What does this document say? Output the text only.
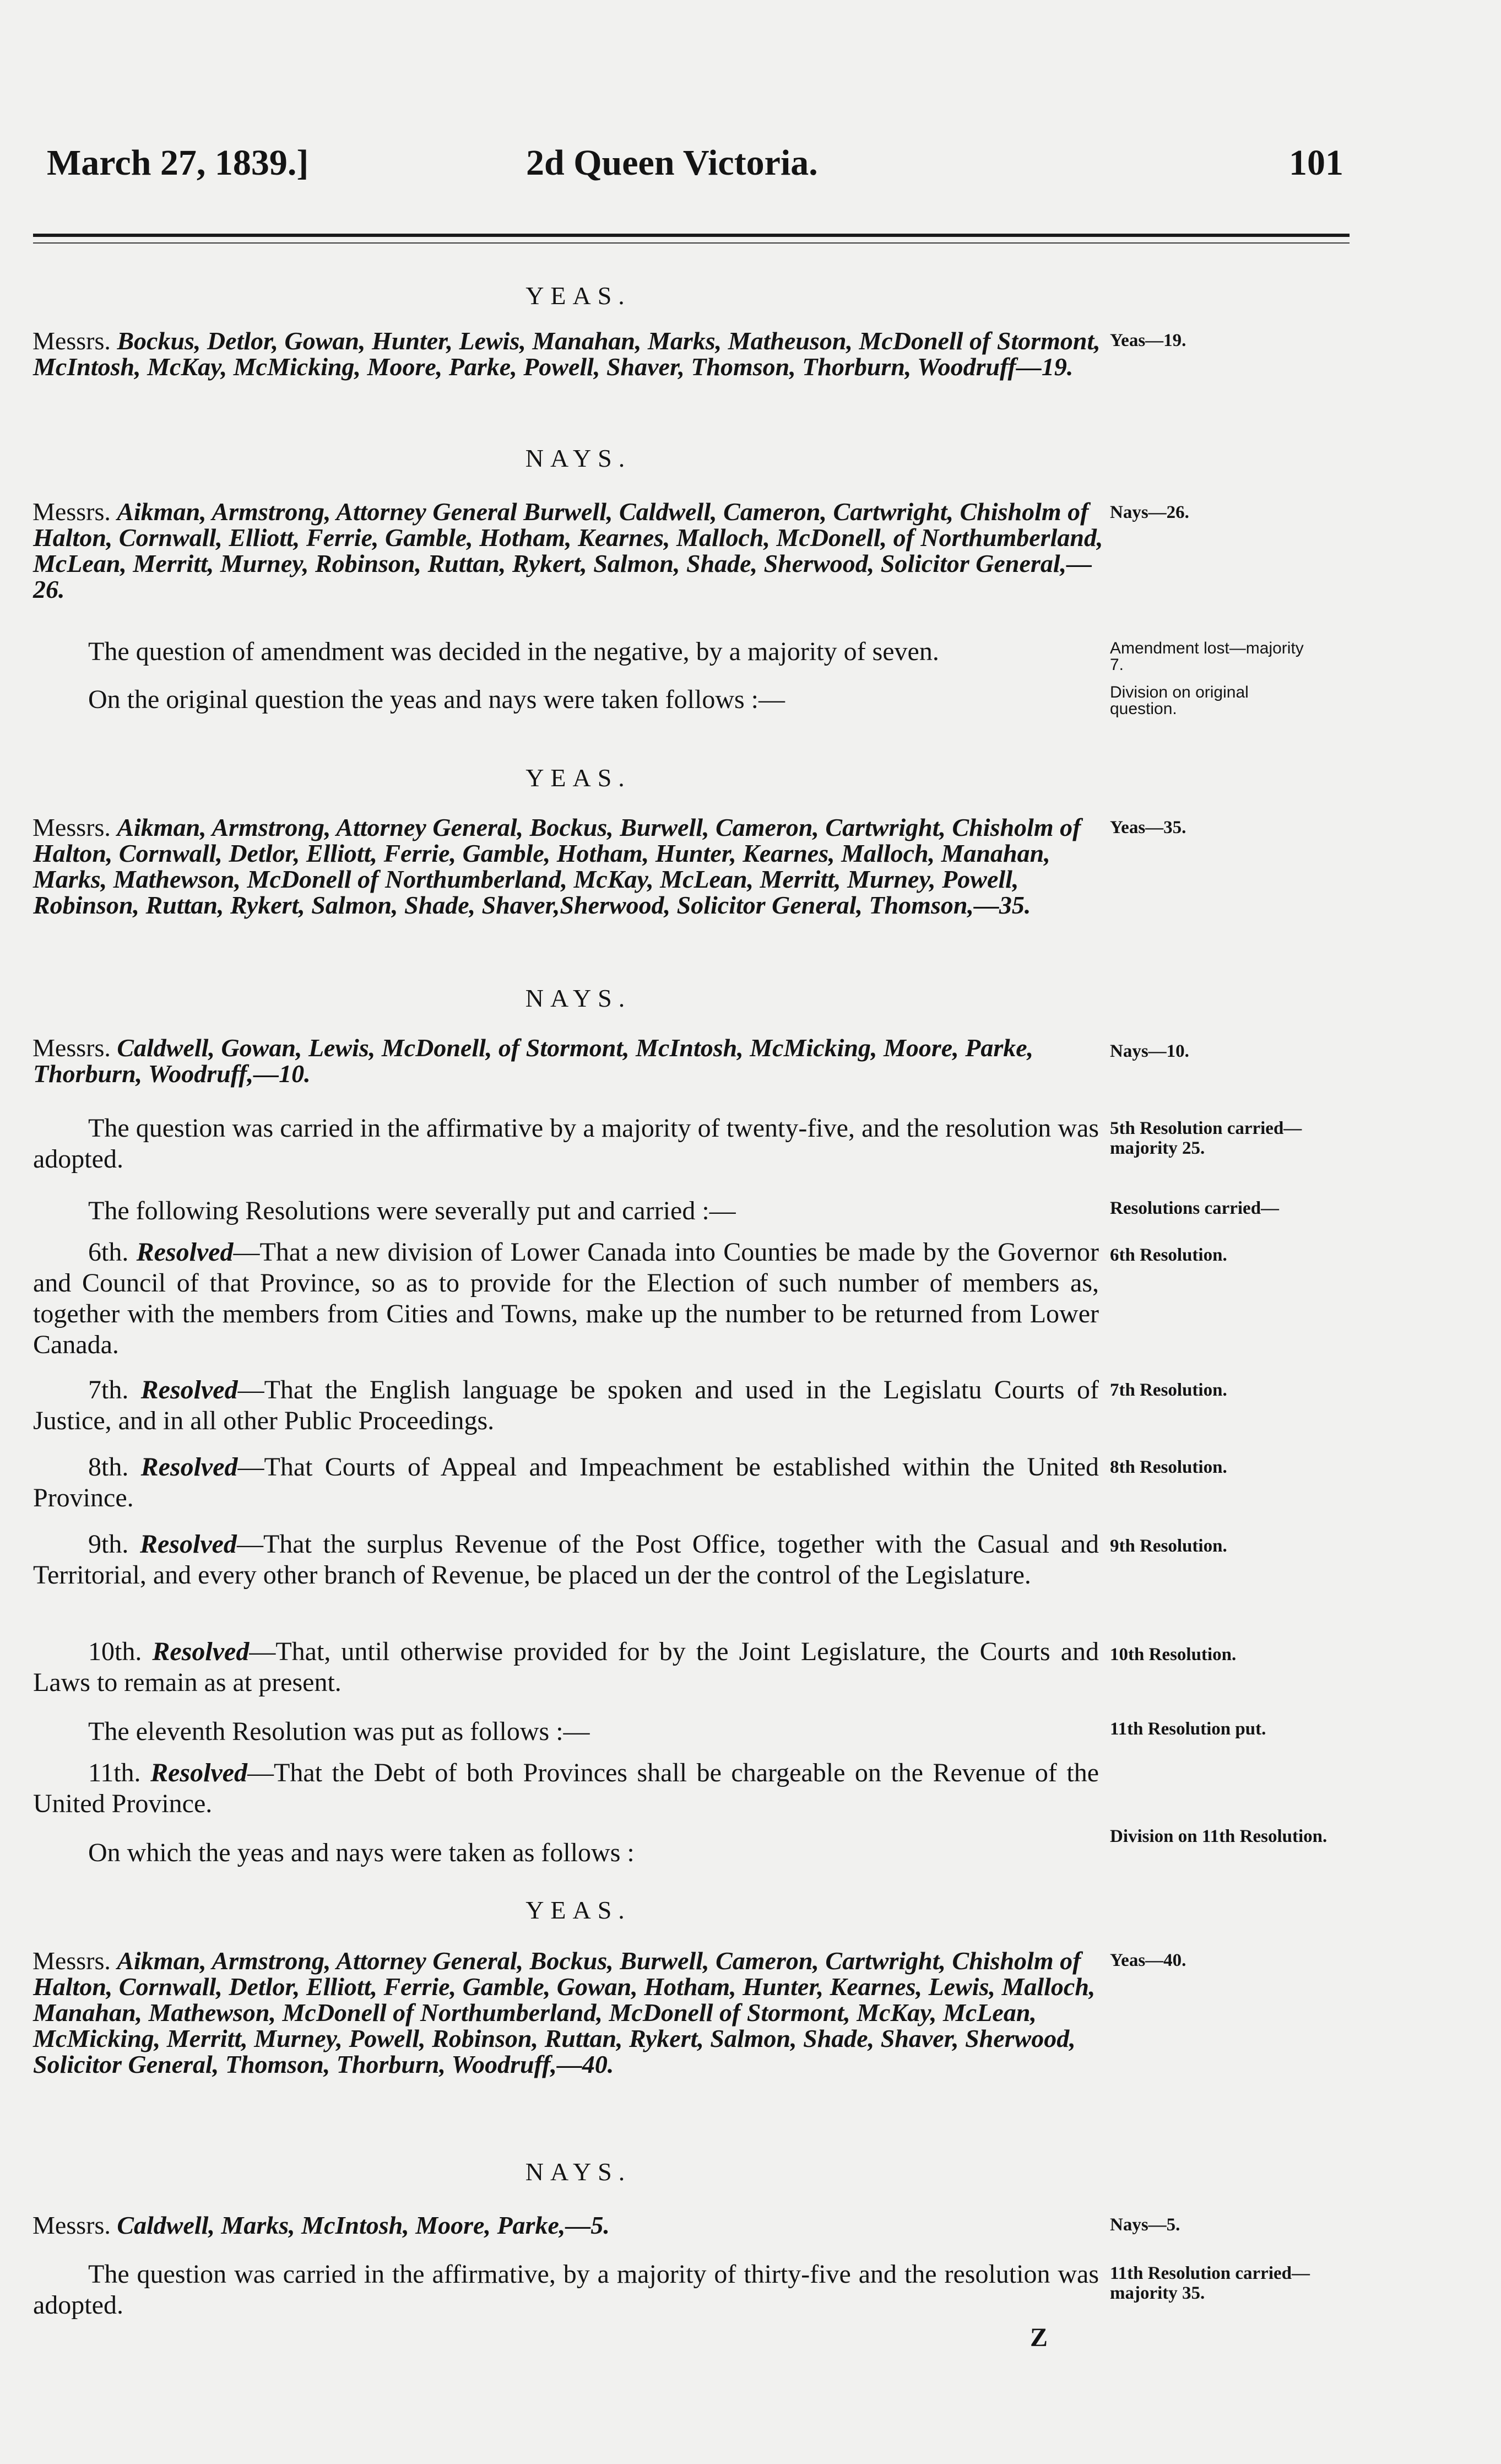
March 27, 1839.]	2d Queen Victoria.	101
YEAS.
Messrs. Bockus, Detlor, Gowan, Hunter, Lewis, Manahan, Marks, Matheuson, McDonell of Stormont, McIntosh, McKay, McMicking, Moore, Parke, Powell, Shaver, Thomson, Thorburn, Woodruff—19.
Yeas—19.
NAYS.
Messrs. Aikman, Armstrong, Attorney General Burwell, Caldwell, Cameron, Cartwright, Chisholm of Halton, Cornwall, Elliott, Ferrie, Gamble, Hotham, Kearnes, Malloch, McDonell, of Northumberland, McLean, Merritt, Murney, Robinson, Ruttan, Rykert, Salmon, Shade, Sherwood, Solicitor General,—26.
Nays—26.
The question of amendment was decided in the negative, by a majority of seven.	Amendment lost—majority 7.
On the original question the yeas and nays were taken follows :—	Division on original question.
YEAS.
Messrs. Aikman, Armstrong, Attorney General, Bockus, Burwell, Cameron, Cartwright, Chisholm of Halton, Cornwall, Detlor, Elliott, Ferrie, Gamble, Hotham, Hunter, Kearnes, Malloch, Manahan, Marks, Mathewson, McDonell of Northumberland, McKay, McLean, Merritt, Murney, Powell, Robinson, Ruttan, Rykert, Salmon, Shade, Shaver,Sherwood, Solicitor General, Thomson,—35.
Yeas—35.
NAYS.
Messrs. Caldwell, Gowan, Lewis, McDonell, of Stormont, McIntosh, McMicking, Moore, Parke, Thorburn, Woodruff,—10.
Nays—10.
The question was carried in the affirmative by a majority of twenty-five, and the resolution was adopted.
5th Resolution carried—majority 25.
The following Resolutions were severally put and carried :—	Resolutions carried—
6th. Resolved—That a new division of Lower Canada into Counties be made by the Governor and Council of that Province, so as to provide for the Election of such number of members as, together with the members from Cities and Towns, make up the number to be returned from Lower Canada.
6th Resolution.
7th. Resolved—That the English language be spoken and used in the Legislatu Courts of Justice, and in all other Public Proceedings.
7th Resolution.
8th. Resolved—That Courts of Appeal and Impeachment be established within the United Province.
8th Resolution.
9th. Resolved—That the surplus Revenue of the Post Office, together with the Casual and Territorial, and every other branch of Revenue, be placed un der the control of the Legislature.
9th Resolution.
10th. Resolved—That, until otherwise provided for by the Joint Legislature, the Courts and Laws to remain as at present.
10th Resolution.
The eleventh Resolution was put as follows :—	11th Resolution put.
11th. Resolved—That the Debt of both Provinces shall be chargeable on the Revenue of the United Province.
On which the yeas and nays were taken as follows :
Division on 11th Resolution.
YEAS.
Messrs. Aikman, Armstrong, Attorney General, Bockus, Burwell, Cameron, Cartwright, Chisholm of Halton, Cornwall, Detlor, Elliott, Ferrie, Gamble, Gowan, Hotham, Hunter, Kearnes, Lewis, Malloch, Manahan, Mathewson, McDonell of Northumberland, McDonell of Stormont, McKay, McLean, McMicking, Merritt, Murney, Powell, Robinson, Ruttan, Rykert, Salmon, Shade, Shaver, Sherwood, Solicitor General, Thomson, Thorburn, Woodruff,—40.
Yeas—40.
NAYS.
Messrs. Caldwell, Marks, McIntosh, Moore, Parke,—5.	Nays—5.
The question was carried in the affirmative, by a majority of thirty-five and the resolution was adopted.
11th Resolution carried—majority 35.
Z
